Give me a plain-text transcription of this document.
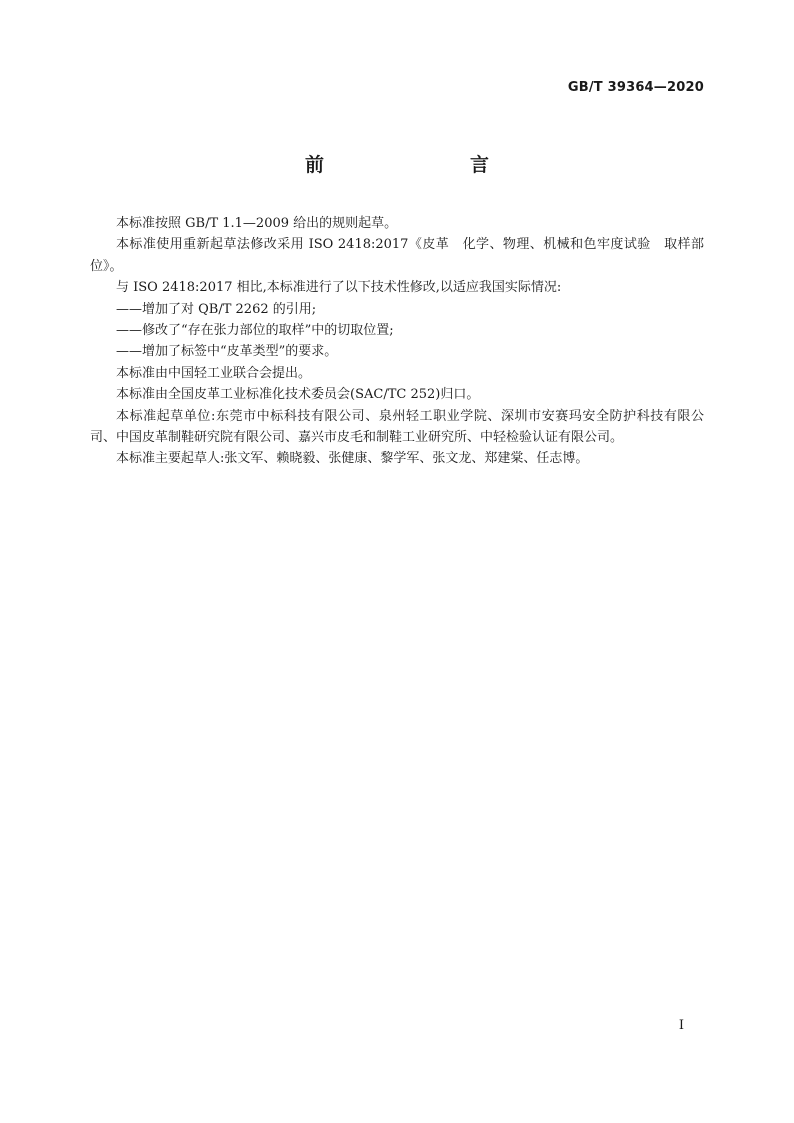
GB/T 39364—2020
前　　言

本标准按照 GB/T 1.1—2009 给出的规则起草。

本标准使用重新起草法修改采用 ISO 2418:2017《皮革　化学、物理、机械和色牢度试验　取样部位》。

与 ISO 2418:2017 相比,本标准进行了以下技术性修改,以适应我国实际情况:

——增加了对 QB/T 2262 的引用;

——修改了“存在张力部位的取样”中的切取位置;

——增加了标签中“皮革类型”的要求。

本标准由中国轻工业联合会提出。

本标准由全国皮革工业标准化技术委员会(SAC/TC 252)归口。

本标准起草单位:东莞市中标科技有限公司、泉州轻工职业学院、深圳市安赛玛安全防护科技有限公司、中国皮革制鞋研究院有限公司、嘉兴市皮毛和制鞋工业研究所、中轻检验认证有限公司。

本标准主要起草人:张文军、赖晓毅、张健康、黎学军、张文龙、郑建棠、任志博。

I
